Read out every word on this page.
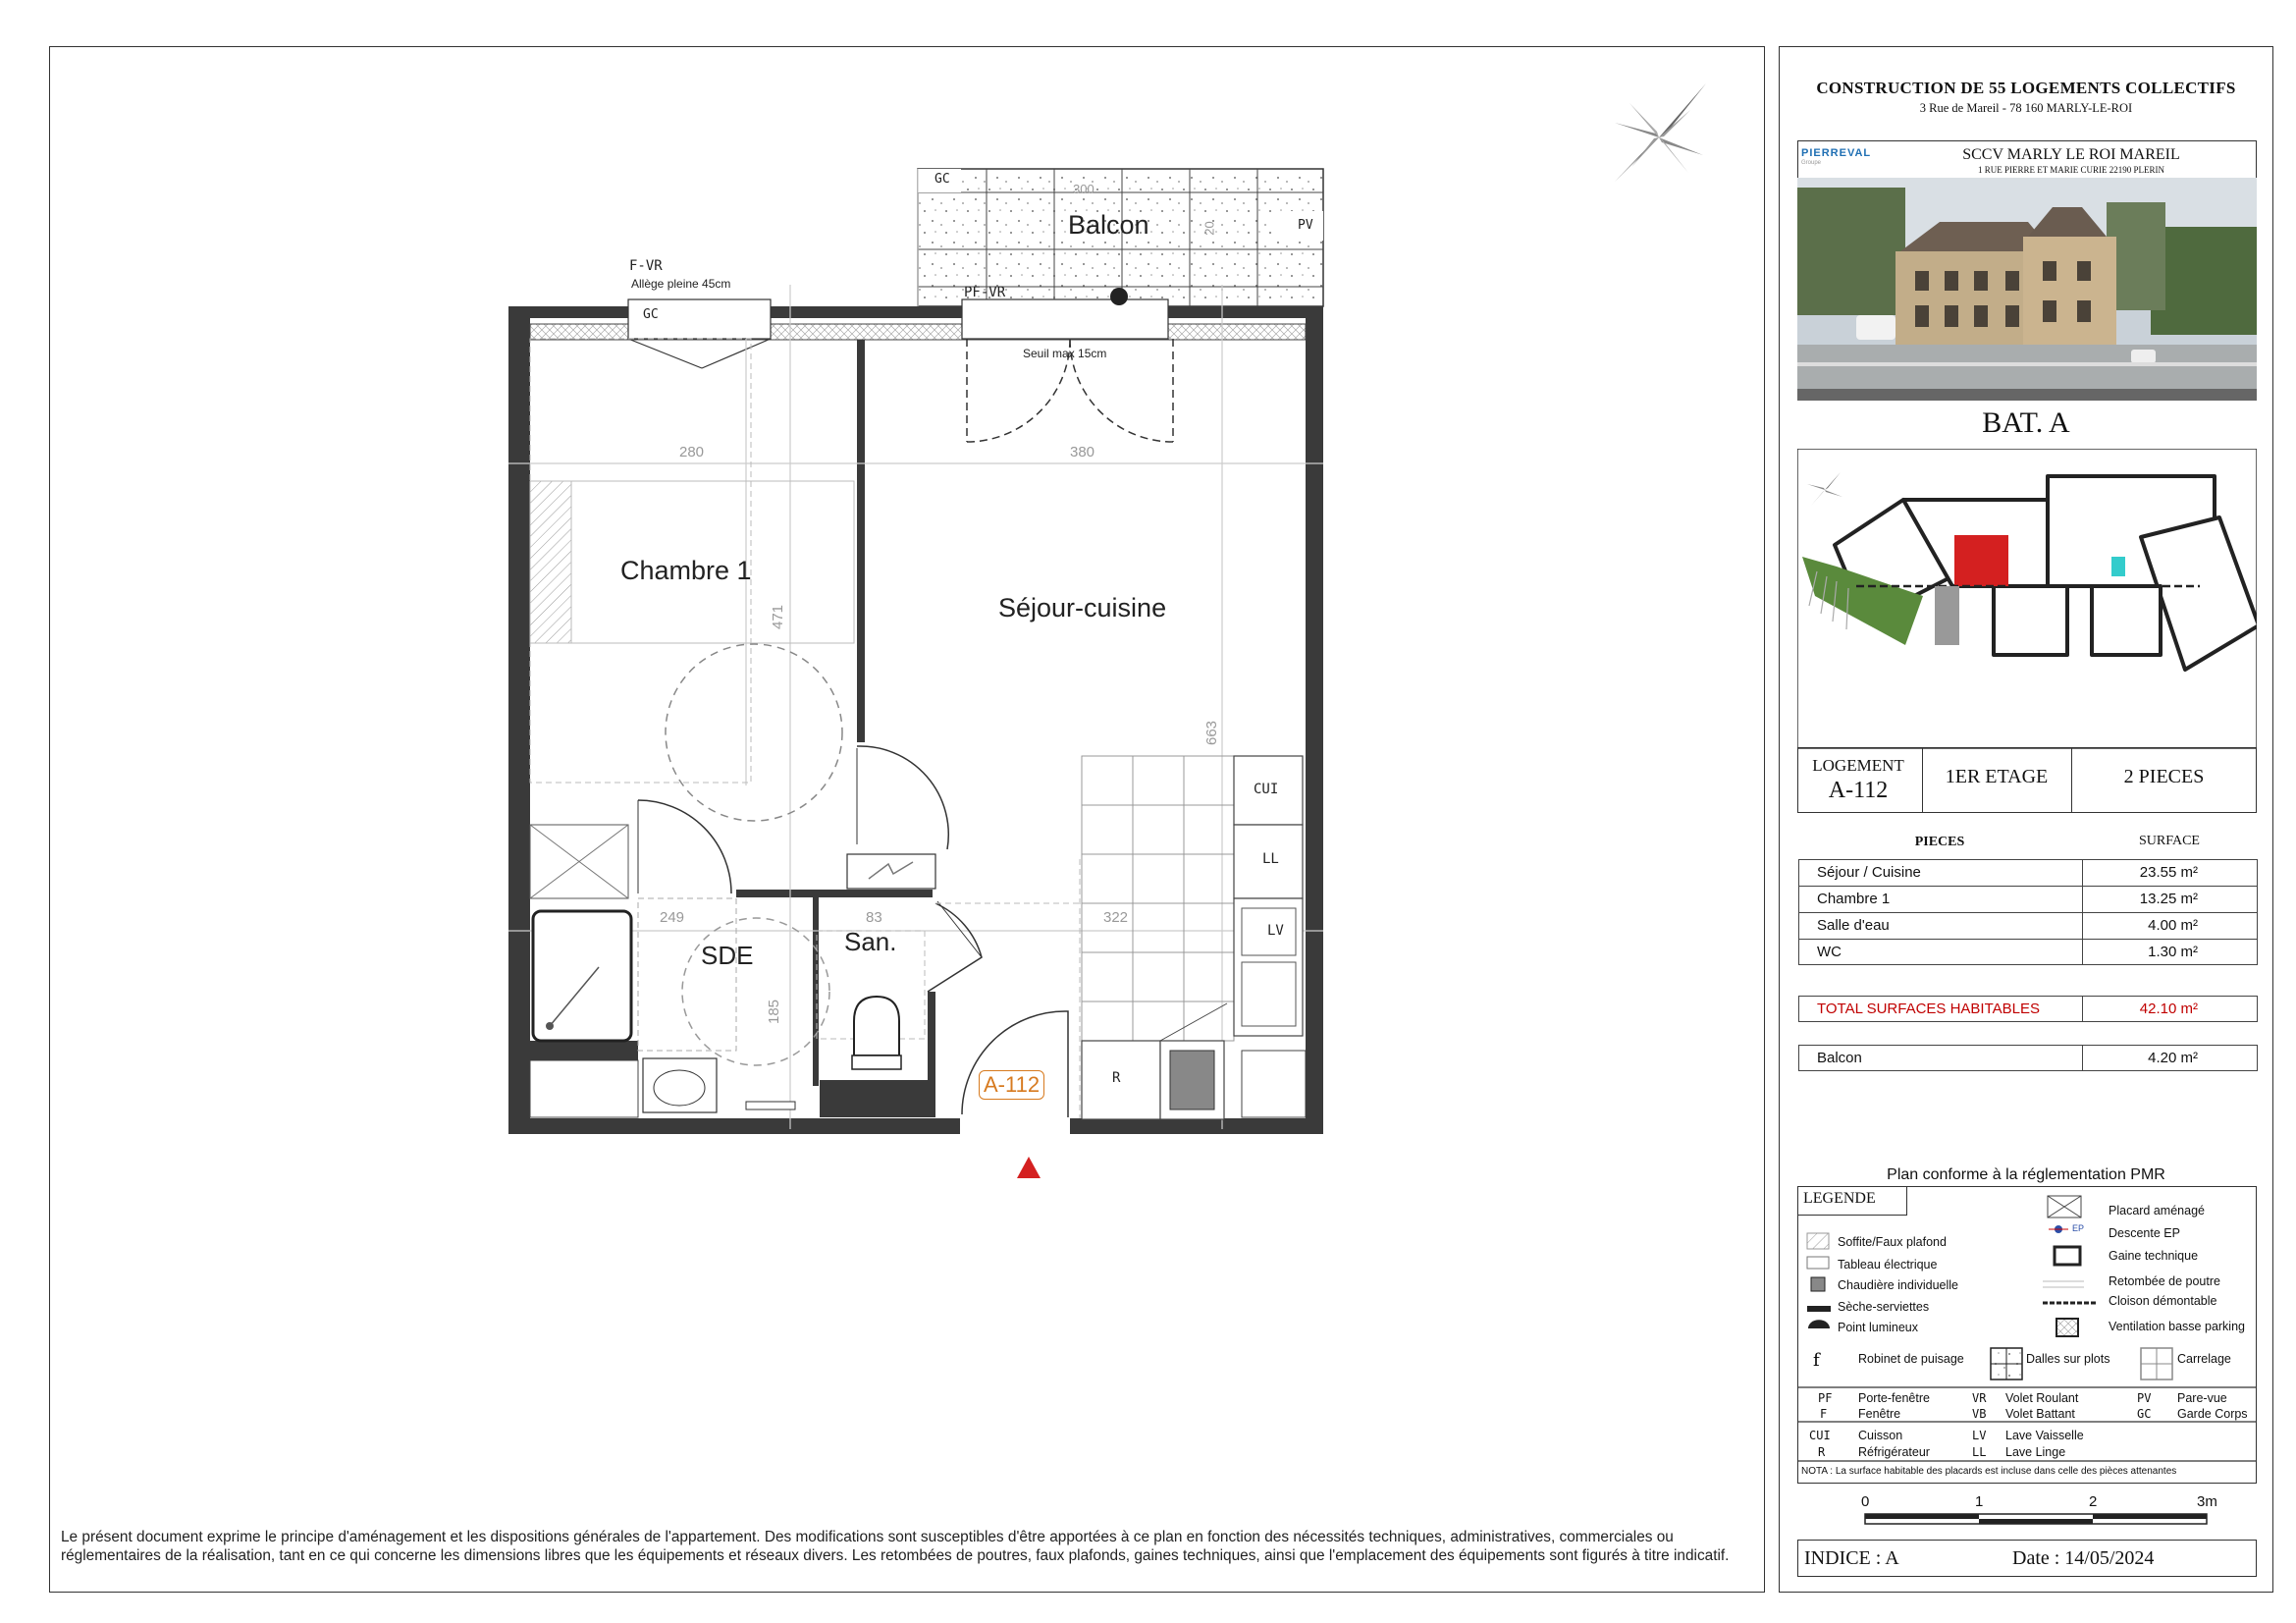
Balcon
Chambre 1
Séjour-cuisine
SDE	San.
A-112
F-VR
Allège pleine 45cm
GC
GC
PF-VR
PV
Seuil max 15cm
CUI
LL
LV
R
280	380
471
663
249	83	322
185
300
20
Le présent document exprime le principe d'aménagement et les dispositions générales de l'appartement. Des modifications sont susceptibles d'être apportées à ce plan en fonction des nécessités techniques, administratives, commerciales ou réglementaires de la réalisation, tant en ce qui concerne les dimensions libres que les équipements et réseaux divers. Les retombées de poutres, faux plafonds, gaines techniques, ainsi que l'emplacement des équipements sont figurés à titre indicatif.
CONSTRUCTION DE 55 LOGEMENTS COLLECTIFS
3 Rue de Mareil - 78 160 MARLY-LE-ROI
PIERREVAL
Groupe	SCCV MARLY LE ROI MAREIL
1 RUE PIERRE ET MARIE CURIE 22190 PLERIN
BAT. A
LOGEMENT
A-112
1ER ETAGE	2 PIECES
PIECES	SURFACE
Séjour / Cuisine	23.55 m²
Chambre 1	13.25 m²
Salle d'eau	4.00 m²
WC	1.30 m²
TOTAL SURFACES HABITABLES	42.10 m²
Balcon	4.20 m²
Plan conforme à la réglementation PMR
LEGENDE
f
Soffite/Faux plafond
Tableau électrique
Chaudière individuelle
Sèche-serviettes
Point lumineux
Robinet de puisage
Placard aménagé
Descente EP
EP
Gaine technique
Retombée de poutre
Cloison démontable
Ventilation basse parking
Dalles sur plots	Carrelage
PF Porte-fenêtre	VR Volet Roulant	PV Pare-vue
F	Fenêtre	VB Volet Battant	GC Garde Corps
CUI Cuisson	LV Lave Vaisselle
R	Réfrigérateur	LL Lave Linge
NOTA : La surface habitable des placards est incluse dans celle des pièces attenantes
0	1	2	3m
INDICE : A	Date : 14/05/2024
